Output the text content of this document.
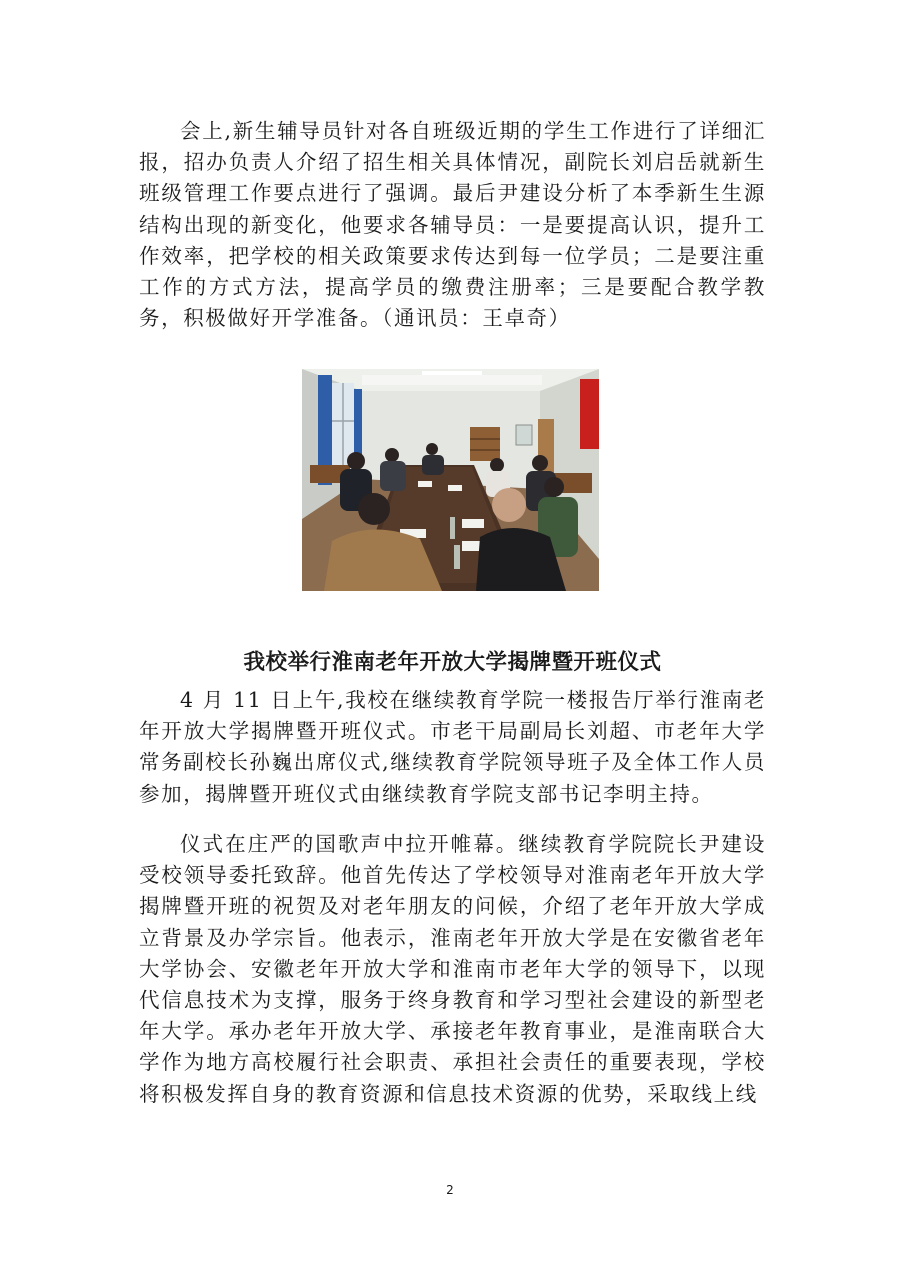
会上,新生辅导员针对各自班级近期的学生工作进行了详细汇报，招办负责人介绍了招生相关具体情况，副院长刘启岳就新生班级管理工作要点进行了强调。最后尹建设分析了本季新生生源结构出现的新变化，他要求各辅导员：一是要提高认识，提升工作效率，把学校的相关政策要求传达到每一位学员；二是要注重工作的方式方法，提高学员的缴费注册率；三是要配合教学教务，积极做好开学准备。（通讯员：王卓奇）

我校举行淮南老年开放大学揭牌暨开班仪式

4 月 11 日上午,我校在继续教育学院一楼报告厅举行淮南老年开放大学揭牌暨开班仪式。市老干局副局长刘超、市老年大学常务副校长孙巍出席仪式,继续教育学院领导班子及全体工作人员参加，揭牌暨开班仪式由继续教育学院支部书记李明主持。

仪式在庄严的国歌声中拉开帷幕。继续教育学院院长尹建设受校领导委托致辞。他首先传达了学校领导对淮南老年开放大学揭牌暨开班的祝贺及对老年朋友的问候，介绍了老年开放大学成立背景及办学宗旨。他表示，淮南老年开放大学是在安徽省老年大学协会、安徽老年开放大学和淮南市老年大学的领导下，以现代信息技术为支撑，服务于终身教育和学习型社会建设的新型老年大学。承办老年开放大学、承接老年教育事业，是淮南联合大学作为地方高校履行社会职责、承担社会责任的重要表现，学校将积极发挥自身的教育资源和信息技术资源的优势，采取线上线

2
